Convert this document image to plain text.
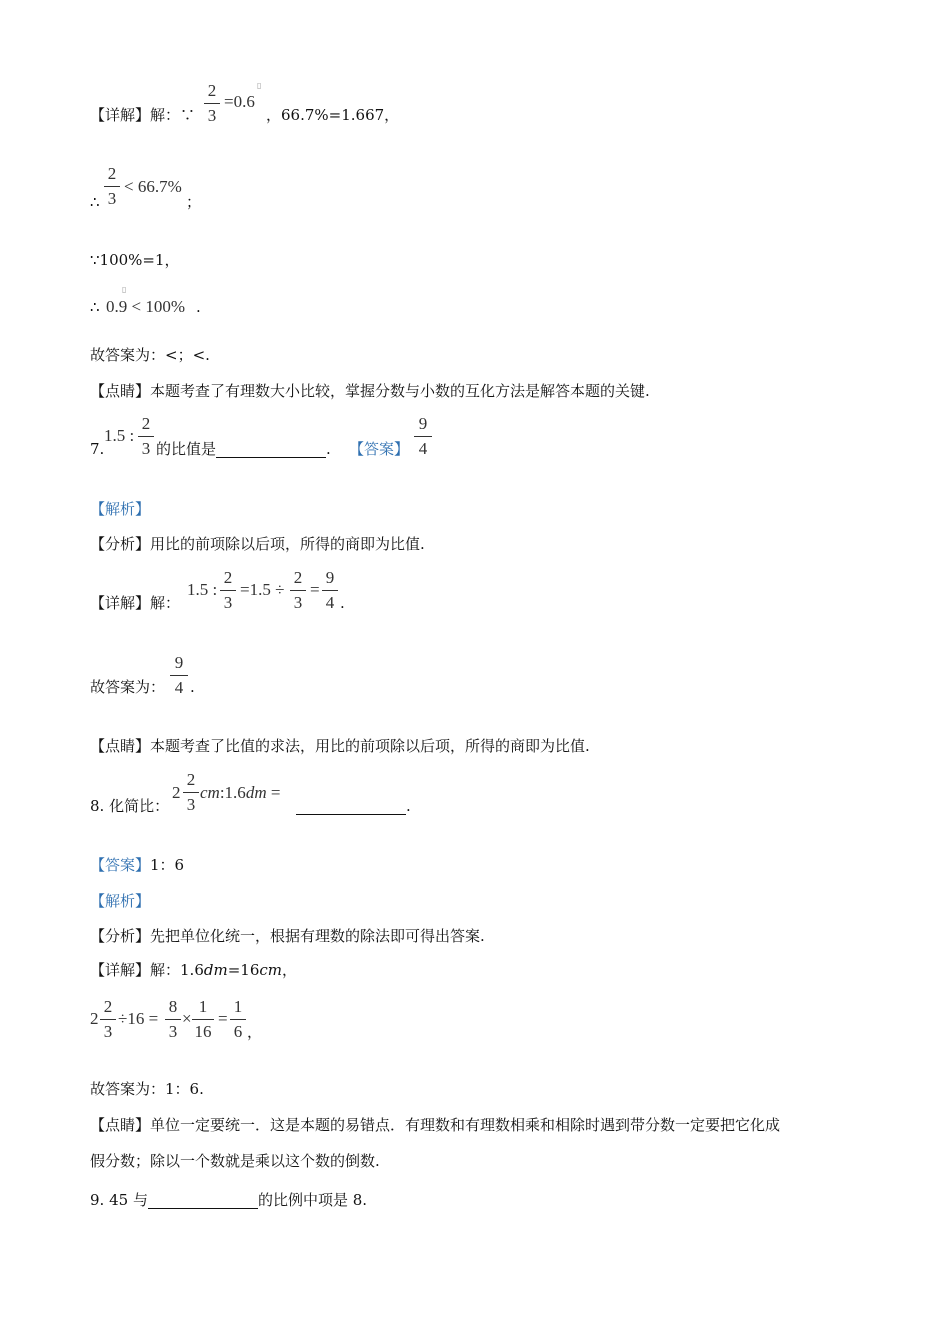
【详解】解：∵
2
3
=0.6
▯
，66.7%=1.667，
∴
2
3
< 66.7%
；
∵100%=1，
∴ 0.9 < 100%
▯
.
故答案为：<；<.
【点睛】本题考查了有理数大小比较，掌握分数与小数的互化方法是解答本题的关键.
7.
1.5 :
2
3 的比值是	. 【答案】
9
4
【解析】
【分析】用比的前项除以后项，所得的商即为比值.
【详解】解：
1.5 :
2
3
=1.5 ÷
2
3
=
9
4 .
故答案为：
9
4 .
【点睛】本题考查了比值的求法，用比的前项除以后项，所得的商即为比值.
8. 化简比：
2
2
3
cm:1.6dm =
.
【答案】1：6
【解析】
【分析】先把单位化统一，根据有理数的除法即可得出答案.
【详解】解：1.6dm=16cm，
2
2
3
÷16 =
8
3
×
1
16
=
1
6 ，
故答案为：1：6.
【点睛】单位一定要统一．这是本题的易错点．有理数和有理数相乘和相除时遇到带分数一定要把它化成
假分数；除以一个数就是乘以这个数的倒数.
9. 45 与	的比例中项是 8.
